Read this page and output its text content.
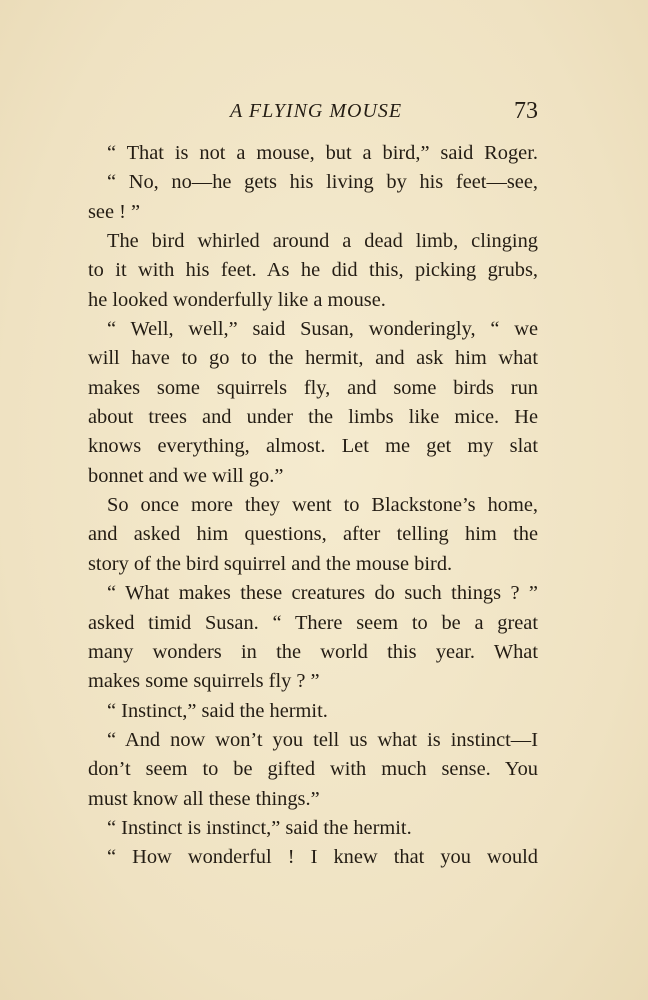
A FLYING MOUSE	73
“ That is not a mouse, but a bird,” said Roger.
“ No, no—he gets his living by his feet—see,
see ! ”
The bird whirled around a dead limb, clinging
to it with his feet. As he did this, picking grubs,
he looked wonderfully like a mouse.
“ Well, well,” said Susan, wonderingly, “ we
will have to go to the hermit, and ask him what
makes some squirrels fly, and some birds run
about trees and under the limbs like mice. He
knows everything, almost. Let me get my slat
bonnet and we will go.”
So once more they went to Blackstone’s home,
and asked him questions, after telling him the
story of the bird squirrel and the mouse bird.
“ What makes these creatures do such things ? ”
asked timid Susan. “ There seem to be a great
many wonders in the world this year. What
makes some squirrels fly ? ”
“ Instinct,” said the hermit.
“ And now won’t you tell us what is instinct—I
don’t seem to be gifted with much sense. You
must know all these things.”
“ Instinct is instinct,” said the hermit.
“ How wonderful ! I knew that you would
